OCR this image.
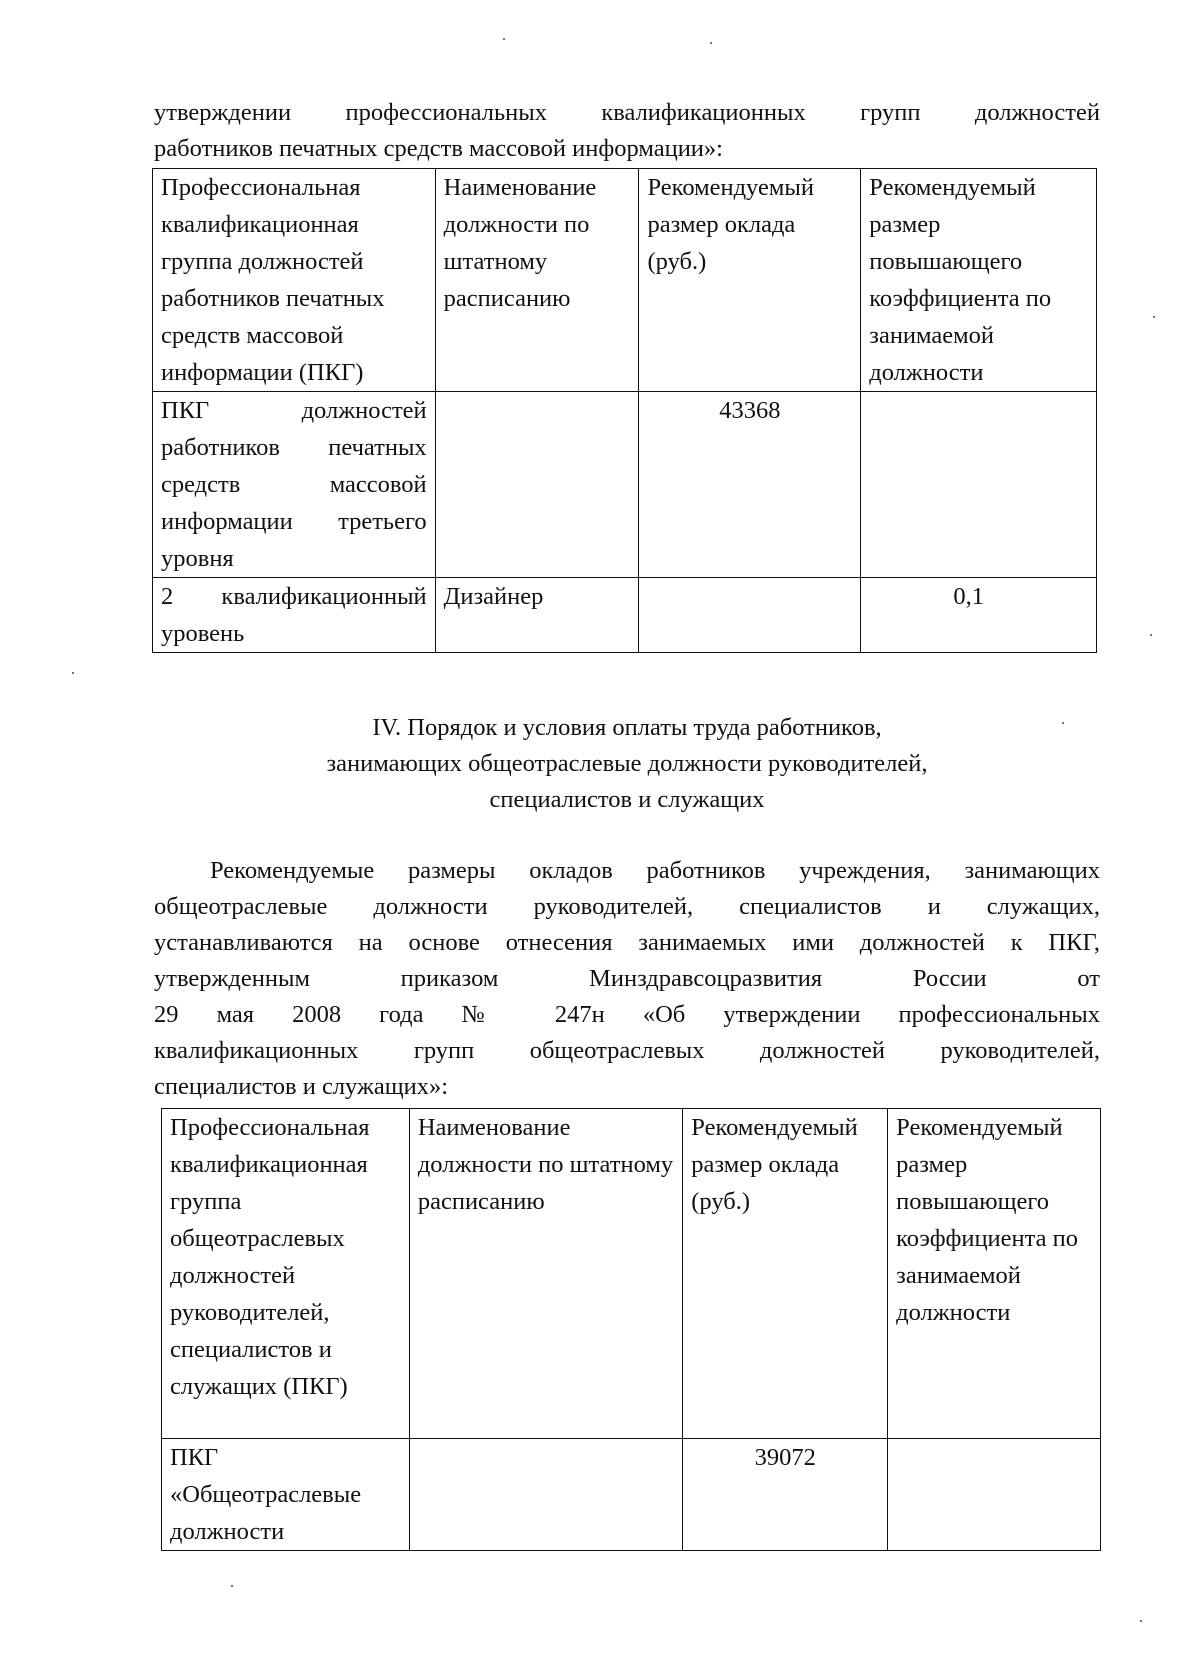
утверждении профессиональных квалификационных групп должностей
работников печатных средств массовой информации»:
Профессиональная квалификационная группа должностей работников печатных средств массовой информации (ПКГ)	Наименование должности по штатному расписанию	Рекомендуемый размер оклада (руб.)	Рекомендуемый размер повышающего коэффициента по занимаемой должности
ПКГ должностей работников печатных средств массовой информации третьего уровня		43368	
2 квалификационный уровень	Дизайнер		0,1
IV. Порядок и условия оплаты труда работников,
занимающих общеотраслевые должности руководителей,
специалистов и служащих
Рекомендуемые размеры окладов работников учреждения, занимающих
общеотраслевые должности руководителей, специалистов и служащих,
устанавливаются на основе отнесения занимаемых ими должностей к ПКГ,
утвержденным приказом Минздравсоцразвития России от
29 мая 2008 года № 247н «Об утверждении профессиональных
квалификационных групп общеотраслевых должностей руководителей,
специалистов и служащих»:
Профессиональная квалификационная группа общеотраслевых должностей руководителей, специалистов и служащих (ПКГ)	Наименование должности по штатному расписанию	Рекомендуемый размер оклада (руб.)	Рекомендуемый размер повышающего коэффициента по занимаемой должности
ПКГ «Общеотраслевые должности		39072	
